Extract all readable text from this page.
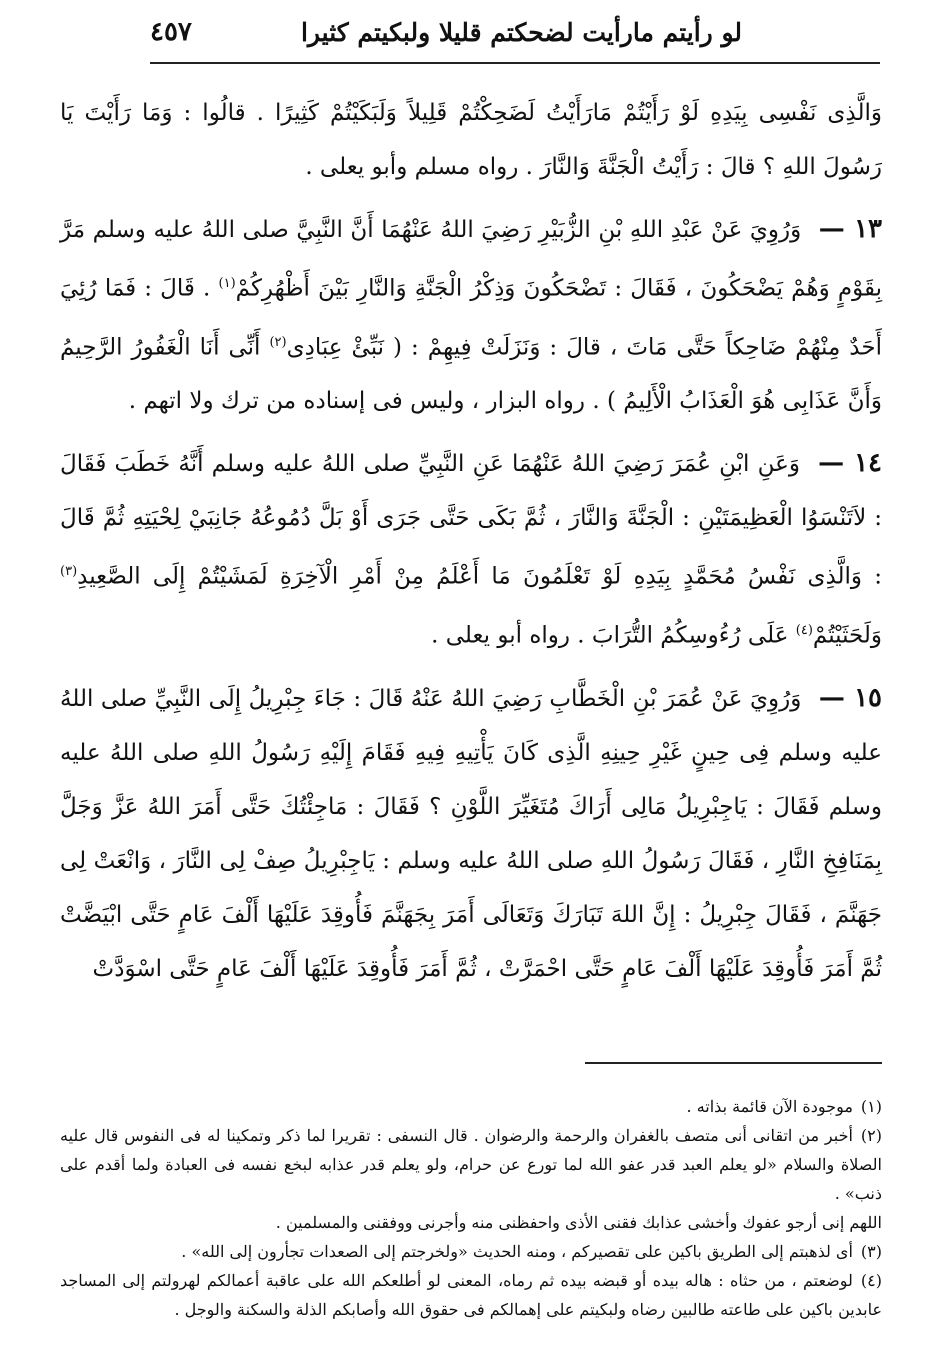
لو رأيتم مارأيت لضحكتم قليلا ولبكيتم كثيرا
٤٥٧

وَالَّذِى نَفْسِى بِيَدِهِ لَوْ رَأَيْتُمْ مَارَأَيْتُ لَضَحِكْتُمْ قَلِيلاً وَلَبَكَيْتُمْ كَثِيرًا . قالُوا : وَمَا رَأَيْتَ يَا رَسُولَ اللهِ ؟ قالَ : رَأَيْتُ الْجَنَّةَ وَالنَّارَ . رواه مسلم وأبو يعلى .

١٣ — وَرُوِيَ عَنْ عَبْدِ اللهِ بْنِ الزُّبَيْرِ رَضِيَ اللهُ عَنْهُمَا أَنَّ النَّبِيَّ صلى اللهُ عليه وسلم مَرَّ بِقَوْمٍ وَهُمْ يَضْحَكُونَ ، فَقَالَ : تَضْحَكُونَ وَذِكْرُ الْجَنَّةِ وَالنَّارِ بَيْنَ أَظْهُرِكُمْ$^{(١)}$ . قَالَ : فَمَا رُئِيَ أَحَدٌ مِنْهُمْ ضَاحِكاً حَتَّى مَاتَ ، قالَ : وَنَزَلَتْ فِيهِمْ : ( نَبِّئْ عِبَادِى$^{(٢)}$ أَنِّى أَنَا الْغَفُورُ الرَّحِيمُ وَأَنَّ عَذَابِى هُوَ الْعَذَابُ الْأَلِيمُ ) . رواه البزار ، وليس فى إسناده من ترك ولا اتهم .

١٤ — وَعَنِ ابْنِ عُمَرَ رَضِيَ اللهُ عَنْهُمَا عَنِ النَّبِيِّ صلى اللهُ عليه وسلم أَنَّهُ خَطَبَ فَقَالَ : لاَتَنْسَوُا الْعَظِيمَتَيْنِ : الْجَنَّةَ وَالنَّارَ ، ثُمَّ بَكَى حَتَّى جَرَى أَوْ بَلَّ دُمُوعُهُ جَانِبَيْ لِحْيَتِهِ ثُمَّ قَالَ : وَالَّذِى نَفْسُ مُحَمَّدٍ بِيَدِهِ لَوْ تَعْلَمُونَ مَا أَعْلَمُ مِنْ أَمْرِ الْآخِرَةِ لَمَشَيْتُمْ إِلَى الصَّعِيدِ$^{(٣)}$ وَلَحَثَيْتُمْ$^{(٤)}$ عَلَى رُءُوسِكُمُ التُّرَابَ . رواه أبو يعلى .

١٥ — وَرُوِيَ عَنْ عُمَرَ بْنِ الْخَطَّابِ رَضِيَ اللهُ عَنْهُ قَالَ : جَاءَ جِبْرِيلُ إِلَى النَّبِيِّ صلى اللهُ عليه وسلم فِى حِينٍ غَيْرِ حِينِهِ الَّذِى كَانَ يَأْتِيهِ فِيهِ فَقَامَ إِلَيْهِ رَسُولُ اللهِ صلى اللهُ عليه وسلم فَقَالَ : يَاجِبْرِيلُ مَالِى أَرَاكَ مُتَغَيِّرَ اللَّوْنِ ؟ فَقَالَ : مَاجِئْتُكَ حَتَّى أَمَرَ اللهُ عَزَّ وَجَلَّ بِمَنَافِخِ النَّارِ ، فَقَالَ رَسُولُ اللهِ صلى اللهُ عليه وسلم : يَاجِبْرِيلُ صِفْ لِى النَّارَ ، وَانْعَتْ لِى جَهَنَّمَ ، فَقَالَ جِبْرِيلُ : إِنَّ اللهَ تَبَارَكَ وَتَعَالَى أَمَرَ بِجَهَنَّمَ فَأُوقِدَ عَلَيْهَا أَلْفَ عَامٍ حَتَّى ابْيَضَّتْ ثُمَّ أَمَرَ فَأُوقِدَ عَلَيْهَا أَلْفَ عَامٍ حَتَّى احْمَرَّتْ ، ثُمَّ أَمَرَ فَأُوقِدَ عَلَيْهَا أَلْفَ عَامٍ حَتَّى اسْوَدَّتْ

(١)موجودة الآن قائمة بذاته .

(٢)أخبر من اتقانى أنى متصف بالغفران والرحمة والرضوان . قال النسفى : تقريرا لما ذكر وتمكينا له فى النفوس قال عليه الصلاة والسلام «لو يعلم العبد قدر عفو الله لما تورع عن حرام، ولو يعلم قدر عذابه لبخع نفسه فى العبادة ولما أقدم على ذنب» .

اللهم إنى أرجو عفوك وأخشى عذابك فقنى الأذى واحفظنى منه وأجرنى ووفقنى والمسلمين .

(٣)أى لذهبتم إلى الطريق باكين على تقصيركم ، ومنه الحديث «ولخرجتم إلى الصعدات تجأرون إلى الله» .

(٤)لوضعتم ، من حثاه : هاله بيده أو قبضه بيده ثم رماه، المعنى لو أطلعكم الله على عاقبة أعمالكم لهرولتم إلى المساجد عابدين باكين على طاعته طالبين رضاه ولبكيتم على إهمالكم فى حقوق الله وأصابكم الذلة والسكنة والوجل .
